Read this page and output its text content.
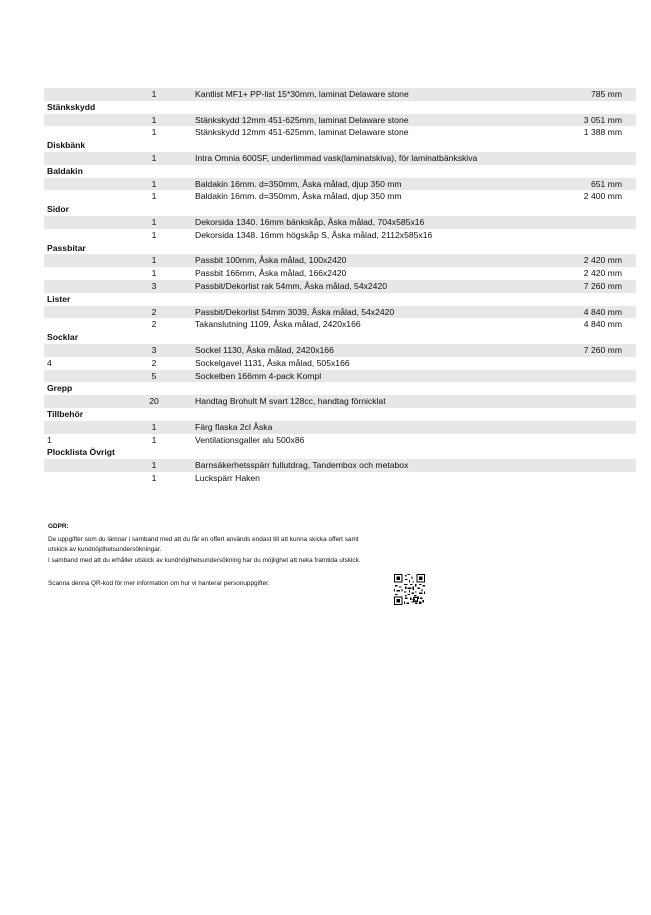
1	Kantlist MF1+ PP-list 15*30mm, laminat Delaware stone	785 mm
Stänkskydd
1	Stänkskydd 12mm 451-625mm, laminat Delaware stone	3 051 mm
1	Stänkskydd 12mm 451-625mm, laminat Delaware stone	1 388 mm
Diskbänk
1	Intra Omnia 600SF, underlimmad vask(laminatskiva), för laminatbänkskiva
Baldakin
1	Baldakin 16mm. d=350mm, Åska målad, djup 350 mm	651 mm
1	Baldakin 16mm. d=350mm, Åska målad, djup 350 mm	2 400 mm
Sidor
1	Dekorsida 1340. 16mm bänkskåp, Åska målad, 704x585x16
1	Dekorsida 1348. 16mm högskåp S, Åska målad, 2112x585x16
Passbitar
1	Passbit 100mm, Åska målad, 100x2420	2 420 mm
1	Passbit 166mm, Åska målad, 166x2420	2 420 mm
3	Passbit/Dekorlist rak 54mm, Åska målad, 54x2420	7 260 mm
Lister
2	Passbit/Dekorlist 54mm 3039, Åska målad, 54x2420	4 840 mm
2	Takanslutning 1109, Åska målad, 2420x166	4 840 mm
Socklar
3	Sockel 1130, Åska målad, 2420x166	7 260 mm
4	2	Sockelgavel 1131, Åska målad, 505x166
5	Sockelben 166mm 4-pack Kompl
Grepp
20	Handtag Brohult M svart 128cc, handtag förnicklat
Tillbehör
1	Färg flaska 2cl Åska
1	1	Ventilationsgaller alu 500x86
Plocklista Övrigt
1	Barnsäkerhetsspärr fullutdrag, Tandembox och metabox
1	Luckspärr Haken
GDPR:
De uppgifter som du lämnar i samband med att du får en offert används endast till att kunna skicka offert samt
utskick av kundnöjdhetsundersökningar.
I samband med att du erhåller utskick av kundnöjdhetsundersökning har du möjlighet att neka framtida utskick.
Scanna denna QR-kod för mer information om hur vi hanterar personuppgifter.
